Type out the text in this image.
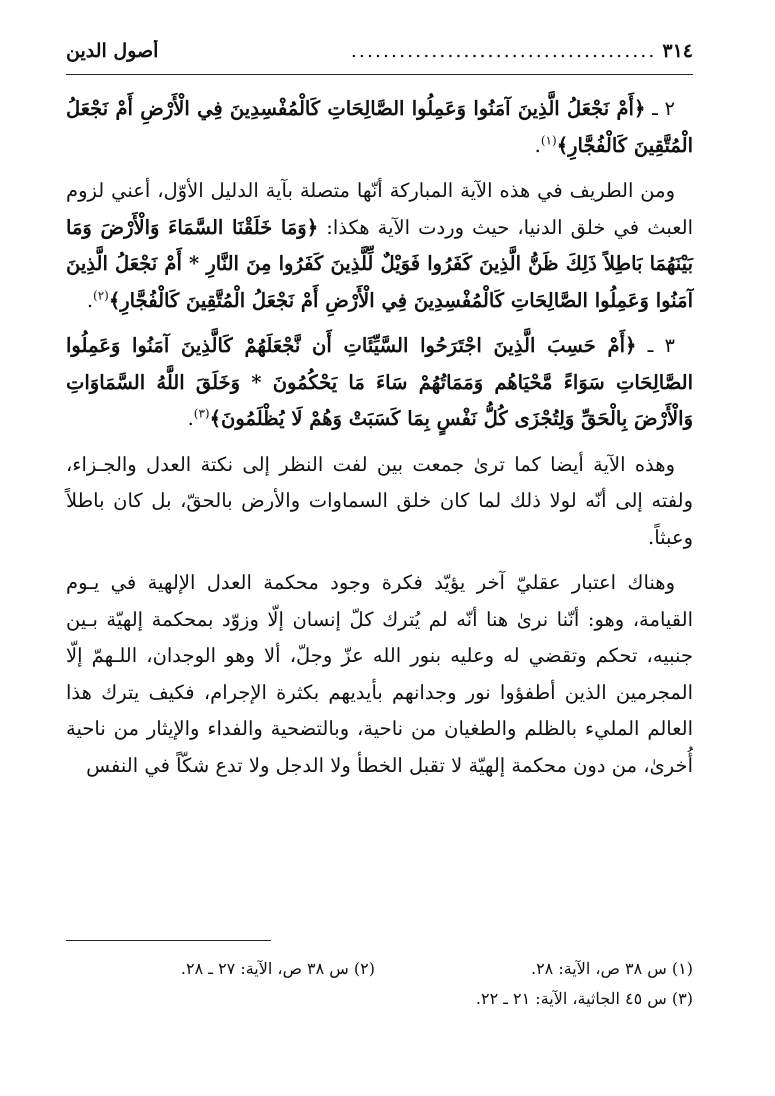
٣١٤
......................................
أُصول الدين

٢ ـ ﴿أَمْ نَجْعَلُ الَّذِينَ آمَنُوا وَعَمِلُوا الصَّالِحَاتِ كَالْمُفْسِدِينَ فِي الْأَرْضِ أَمْ نَجْعَلُ الْمُتَّقِينَ كَالْفُجَّارِ﴾$^{(١)}$.

ومن الطريف في هذه الآية المباركة أنّها متصلة بآية الدليل الأوّل، أعني لزوم العبث في خلق الدنيا، حيث وردت الآية هكذا: ﴿وَمَا خَلَقْنَا السَّمَاءَ وَالْأَرْضَ وَمَا بَيْنَهُمَا بَاطِلاً ذَلِكَ ظَنُّ الَّذِينَ كَفَرُوا فَوَيْلٌ لِّلَّذِينَ كَفَرُوا مِنَ النَّارِ * أَمْ نَجْعَلُ الَّذِينَ آمَنُوا وَعَمِلُوا الصَّالِحَاتِ كَالْمُفْسِدِينَ فِي الْأَرْضِ أَمْ نَجْعَلُ الْمُتَّقِينَ كَالْفُجَّارِ﴾$^{(٢)}$.

٣ ـ ﴿أَمْ حَسِبَ الَّذِينَ اجْتَرَحُوا السَّيِّئَاتِ أَن نَّجْعَلَهُمْ كَالَّذِينَ آمَنُوا وَعَمِلُوا الصَّالِحَاتِ سَوَاءً مَّحْيَاهُم وَمَمَاتُهُمْ سَاءَ مَا يَحْكُمُونَ * وَخَلَقَ اللَّهُ السَّمَاوَاتِ وَالْأَرْضَ بِالْحَقِّ وَلِتُجْزَى كُلُّ نَفْسٍ بِمَا كَسَبَتْ وَهُمْ لَا يُظْلَمُونَ﴾$^{(٣)}$.

وهذه الآية أيضا كما ترىٰ جمعت بين لفت النظر إلى نكتة العدل والجـزاء، ولفته إلى أنّه لولا ذلك لما كان خلق السماوات والأرض بالحقّ، بل كان باطلاً وعبثاً.

وهناك اعتبار عقليّ آخر يؤيّد فكرة وجود محكمة العدل الإلهية في يـوم القيامة، وهو: أنّنا نرىٰ هنا أنّه لم يُترك كلّ إنسان إلّا وزوّد بمحكمة إلهيّة بـين جنبيه، تحكم وتقضي له وعليه بنور الله عزّ وجلّ، ألا وهو الوجدان، اللـهمّ إلّا المجرمين الذين أطفؤوا نور وجدانهم بأيديهم بكثرة الإجرام، فكيف يترك هذا العالم المليء بالظلم والطغيان من ناحية، وبالتضحية والفداء والإيثار من ناحية أُخرىٰ، من دون محكمة إلهيّة لا تقبل الخطأ ولا الدجل ولا تدع شكّاً في النفس

(١) س ٣٨ ص، الآية: ٢٨.
(٢) س ٣٨ ص، الآية: ٢٧ ـ ٢٨.
(٣) س ٤٥ الجاثية، الآية: ٢١ ـ ٢٢.
